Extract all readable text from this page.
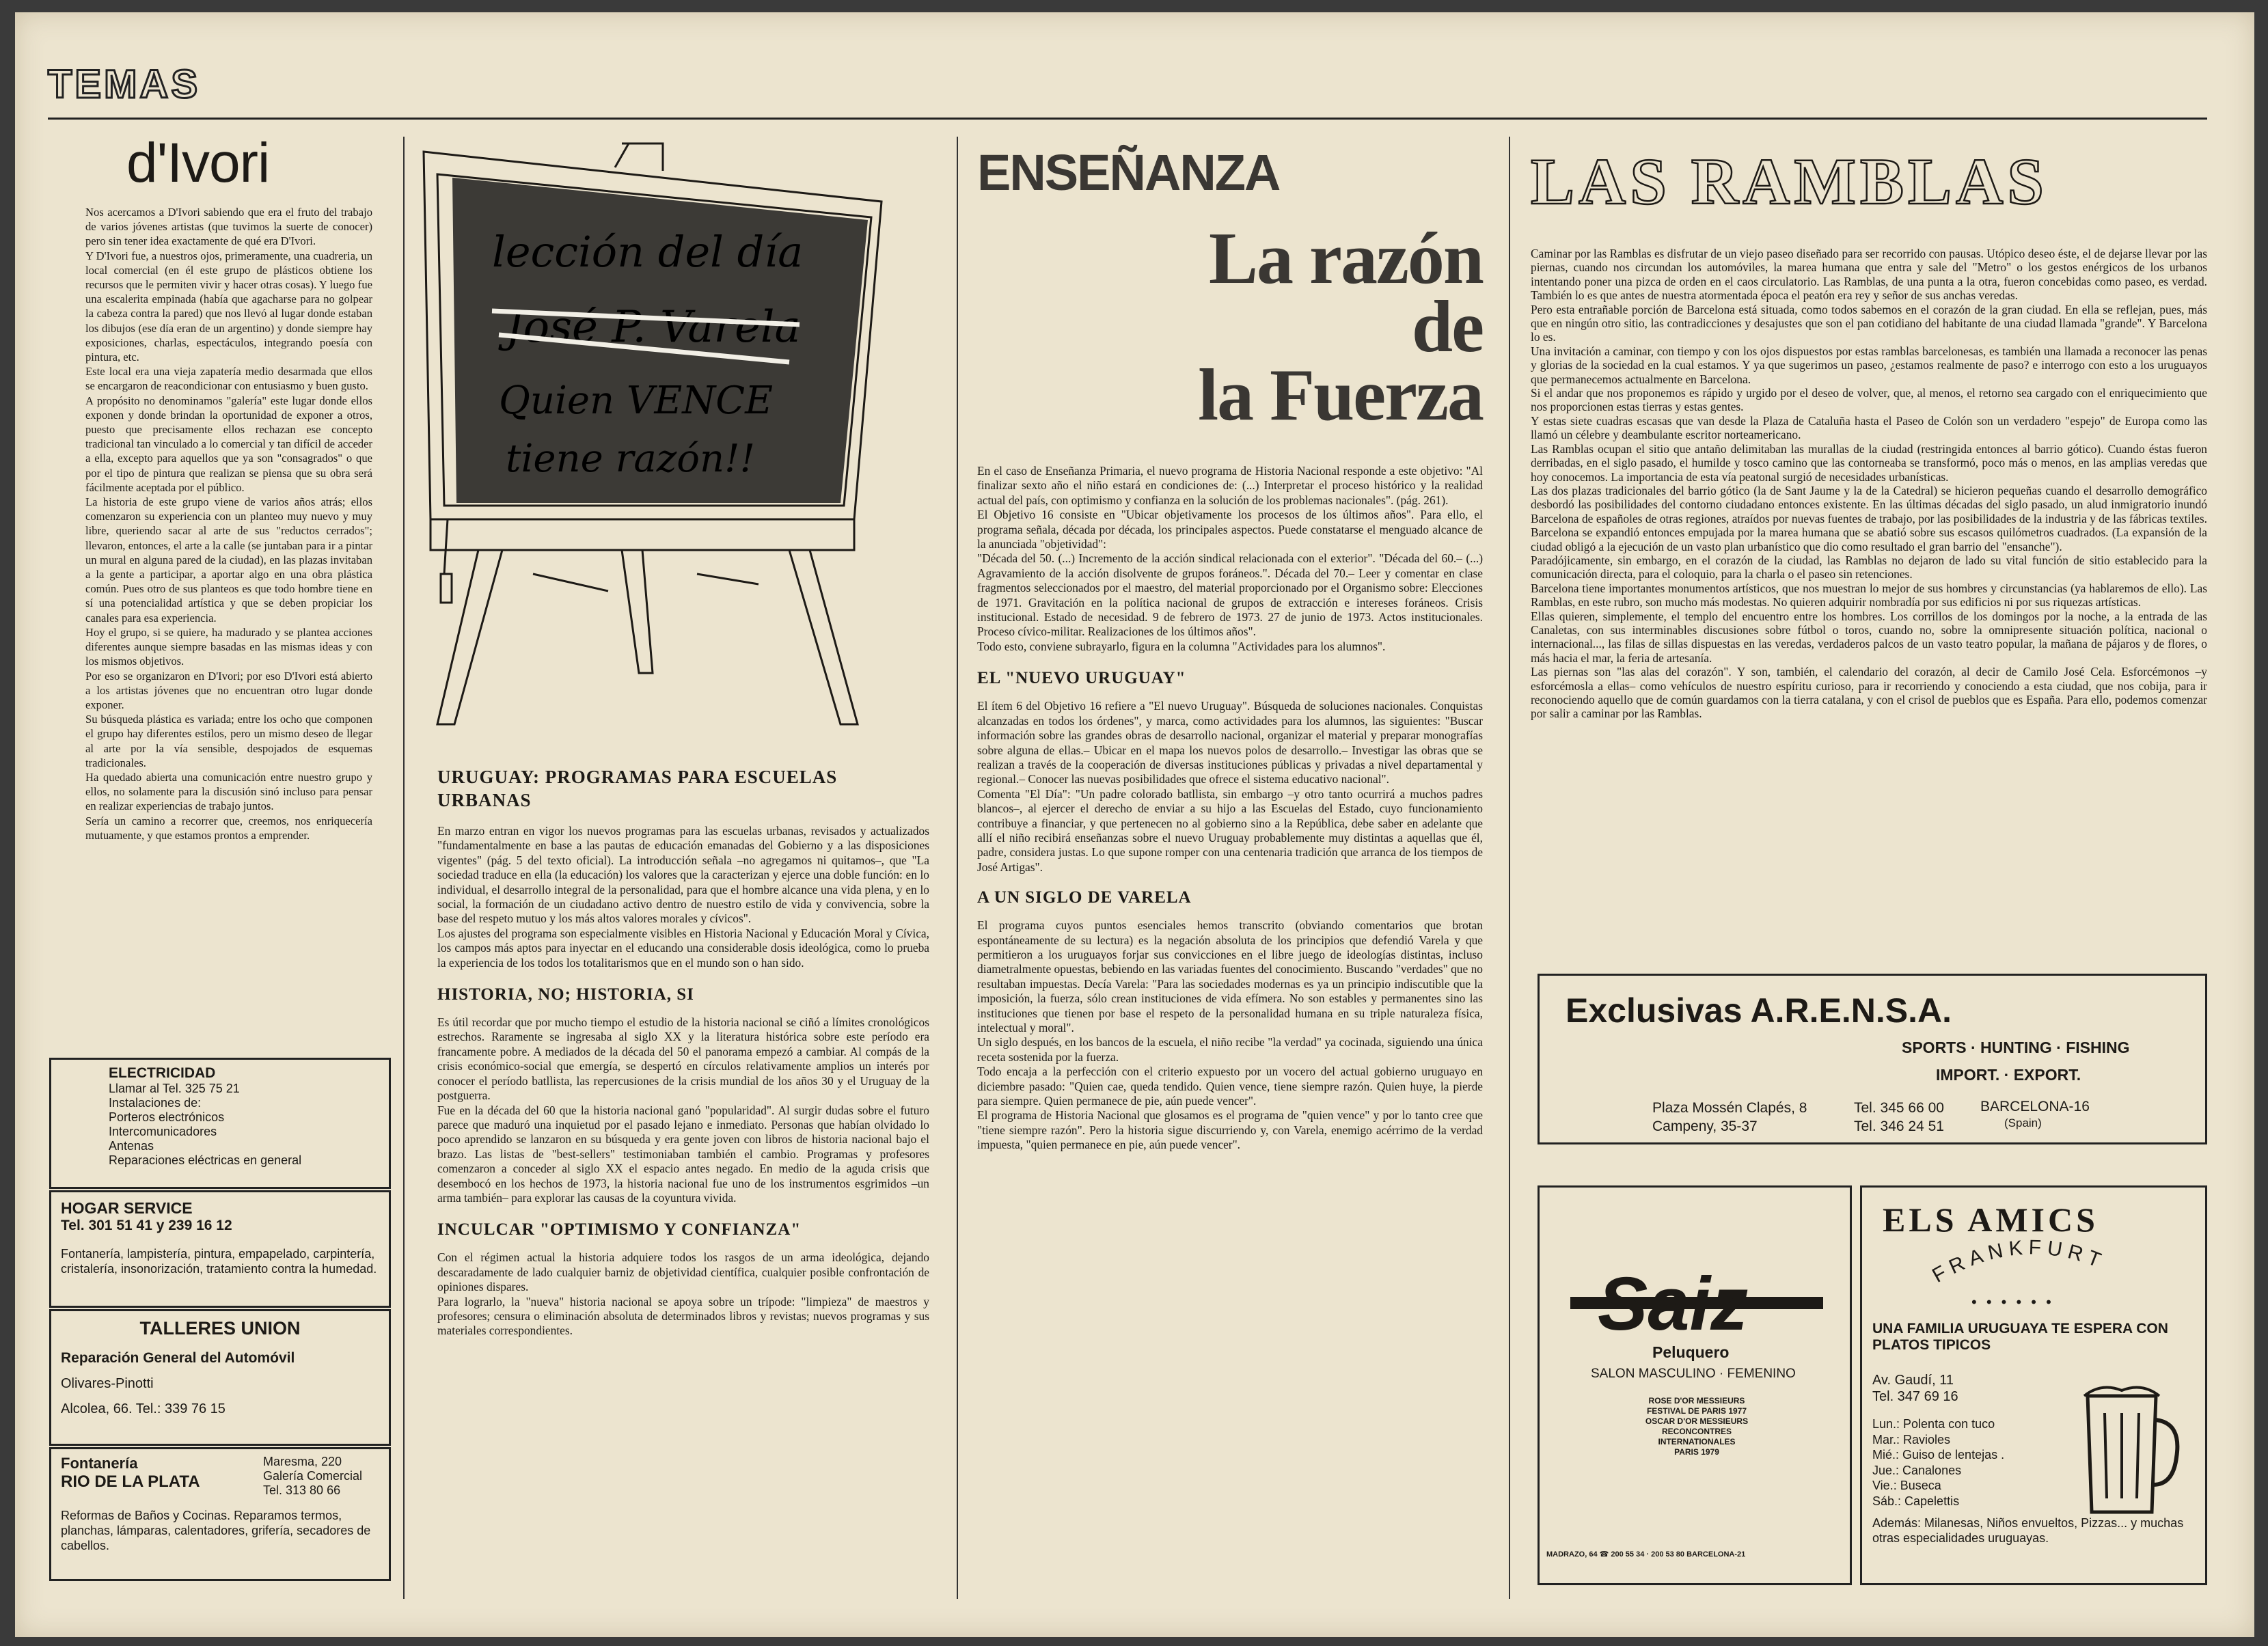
TEMAS
d'Ivori

Nos acercamos a D'Ivori sabiendo que era el fruto del trabajo de varios jóvenes artistas (que tuvimos la suerte de conocer) pero sin tener idea exactamente de qué era D'Ivori.
Y D'Ivori fue, a nuestros ojos, primeramente, una cuadreria, un local comercial (en él este grupo de plásticos obtiene los recursos que le permiten vivir y hacer otras cosas). Y luego fue una escalerita empinada (había que agacharse para no golpear la cabeza contra la pared) que nos llevó al lugar donde estaban los dibujos (ese día eran de un argentino) y donde siempre hay exposiciones, charlas, espectáculos, integrando poesía con pintura, etc.
Este local era una vieja zapatería medio desarmada que ellos se encargaron de reacondicionar con entusiasmo y buen gusto.
A propósito no denominamos "galería" este lugar donde ellos exponen y donde brindan la oportunidad de exponer a otros, puesto que precisamente ellos rechazan ese concepto tradicional tan vinculado a lo comercial y tan difícil de acceder a ella, excepto para aquellos que ya son "consagrados" o que por el tipo de pintura que realizan se piensa que su obra será fácilmente aceptada por el público.
La historia de este grupo viene de varios años atrás; ellos comenzaron su experiencia con un planteo muy nuevo y muy libre, queriendo sacar al arte de sus "reductos cerrados"; llevaron, entonces, el arte a la calle (se juntaban para ir a pintar un mural en alguna pared de la ciudad), en las plazas invitaban a la gente a participar, a aportar algo en una obra plástica común. Pues otro de sus planteos es que todo hombre tiene en sí una potencialidad artística y que se deben propiciar los canales para esa experiencia.
Hoy el grupo, si se quiere, ha madurado y se plantea acciones diferentes aunque siempre basadas en las mismas ideas y con los mismos objetivos.
Por eso se organizaron en D'Ivori; por eso D'Ivori está abierto a los artistas jóvenes que no encuentran otro lugar donde exponer.
Su búsqueda plástica es variada; entre los ocho que componen el grupo hay diferentes estilos, pero un mismo deseo de llegar al arte por la vía sensible, despojados de esquemas tradicionales.
Ha quedado abierta una comunicación entre nuestro grupo y ellos, no solamente para la discusión sinó incluso para pensar en realizar experiencias de trabajo juntos.
Sería un camino a recorrer que, creemos, nos enriquecería mutuamente, y que estamos prontos a emprender.

ELECTRICIDAD

Llamar al Tel. 325 75 21
Instalaciones de:
Porteros electrónicos
Intercomunicadores
Antenas
Reparaciones eléctricas en general

HOGAR SERVICE
Tel. 301 51 41 y 239 16 12

Fontanería, lampistería, pintura, empapelado, carpintería, cristalería, insonorización, tratamiento contra la humedad.

TALLERES UNION
Reparación General del Automóvil
Olivares-Pinotti
Alcolea, 66. Tel.: 339 76 15
Fontanería
RIO DE LA PLATA

Maresma, 220
Galería Comercial
Tel. 313 80 66

Reformas de Baños y Cocinas. Reparamos termos, planchas, lámparas, calentadores, grifería, secadores de cabellos.

lección del día
José P. Varela
Quien VENCE
tiene razón!!
URUGUAY: PROGRAMAS PARA ESCUELAS URBANAS

En marzo entran en vigor los nuevos programas para las escuelas urbanas, revisados y actualizados "fundamentalmente en base a las pautas de educación emanadas del Gobierno y a las disposiciones vigentes" (pág. 5 del texto oficial). La introducción señala –no agregamos ni quitamos–, que "La sociedad traduce en ella (la educación) los valores que la caracterizan y ejerce una doble función: en lo individual, el desarrollo integral de la personalidad, para que el hombre alcance una vida plena, y en lo social, la formación de un ciudadano activo dentro de nuestro estilo de vida y convivencia, sobre la base del respeto mutuo y los más altos valores morales y cívicos".
Los ajustes del programa son especialmente visibles en Historia Nacional y Educación Moral y Cívica, los campos más aptos para inyectar en el educando una considerable dosis ideológica, como lo prueba la experiencia de los todos los totalitarismos que en el mundo son o han sido.

HISTORIA, NO; HISTORIA, SI

Es útil recordar que por mucho tiempo el estudio de la historia nacional se ciñó a límites cronológicos estrechos. Raramente se ingresaba al siglo XX y la literatura histórica sobre este período era francamente pobre. A mediados de la década del 50 el panorama empezó a cambiar. Al compás de la crisis económico-social que emergía, se despertó en círculos relativamente amplios un interés por conocer el período batllista, las repercusiones de la crisis mundial de los años 30 y el Uruguay de la postguerra.
Fue en la década del 60 que la historia nacional ganó "popularidad". Al surgir dudas sobre el futuro parece que maduró una inquietud por el pasado lejano e inmediato. Personas que habían olvidado lo poco aprendido se lanzaron en su búsqueda y era gente joven con libros de historia nacional bajo el brazo. Las listas de "best-sellers" testimoniaban también el cambio. Programas y profesores comenzaron a conceder al siglo XX el espacio antes negado. En medio de la aguda crisis que desembocó en los hechos de 1973, la historia nacional fue uno de los instrumentos esgrimidos –un arma también– para explorar las causas de la coyuntura vivida.

INCULCAR "OPTIMISMO Y CONFIANZA"

Con el régimen actual la historia adquiere todos los rasgos de un arma ideológica, dejando descaradamente de lado cualquier barniz de objetividad científica, cualquier posible confrontación de opiniones dispares.
Para lograrlo, la "nueva" historia nacional se apoya sobre un trípode: "limpieza" de maestros y profesores; censura o eliminación absoluta de determinados libros y revistas; nuevos programas y sus materiales correspondientes.

ENSEÑANZA
La razón
de
la Fuerza

En el caso de Enseñanza Primaria, el nuevo programa de Historia Nacional responde a este objetivo: "Al finalizar sexto año el niño estará en condiciones de: (...) Interpretar el proceso histórico y la realidad actual del país, con optimismo y confianza en la solución de los problemas nacionales". (pág. 261).
El Objetivo 16 consiste en "Ubicar objetivamente los procesos de los últimos años". Para ello, el programa señala, década por década, los principales aspectos. Puede constatarse el menguado alcance de la anunciada "objetividad":
"Década del 50. (...) Incremento de la acción sindical relacionada con el exterior". "Década del 60.– (...) Agravamiento de la acción disolvente de grupos foráneos.". Década del 70.– Leer y comentar en clase fragmentos seleccionados por el maestro, del material proporcionado por el Organismo sobre: Elecciones de 1971. Gravitación en la política nacional de grupos de extracción e intereses foráneos. Crisis institucional. Estado de necesidad. 9 de febrero de 1973. 27 de junio de 1973. Actos institucionales. Proceso cívico-militar. Realizaciones de los últimos años".
Todo esto, conviene subrayarlo, figura en la columna "Actividades para los alumnos".

EL "NUEVO URUGUAY"

El ítem 6 del Objetivo 16 refiere a "El nuevo Uruguay". Búsqueda de soluciones nacionales. Conquistas alcanzadas en todos los órdenes", y marca, como actividades para los alumnos, las siguientes: "Buscar información sobre las grandes obras de desarrollo nacional, organizar el material y preparar monografías sobre alguna de ellas.– Ubicar en el mapa los nuevos polos de desarrollo.– Investigar las obras que se realizan a través de la cooperación de diversas instituciones públicas y privadas a nivel departamental y regional.– Conocer las nuevas posibilidades que ofrece el sistema educativo nacional".
Comenta "El Día": "Un padre colorado batllista, sin embargo –y otro tanto ocurrirá a muchos padres blancos–, al ejercer el derecho de enviar a su hijo a las Escuelas del Estado, cuyo funcionamiento contribuye a financiar, y que pertenecen no al gobierno sino a la República, debe saber en adelante que allí el niño recibirá enseñanzas sobre el nuevo Uruguay probablemente muy distintas a aquellas que él, padre, considera justas. Lo que supone romper con una centenaria tradición que arranca de los tiempos de José Artigas".

A UN SIGLO DE VARELA

El programa cuyos puntos esenciales hemos transcrito (obviando comentarios que brotan espontáneamente de su lectura) es la negación absoluta de los principios que defendió Varela y que permitieron a los uruguayos forjar sus convicciones en el libre juego de ideologías distintas, incluso diametralmente opuestas, bebiendo en las variadas fuentes del conocimiento. Buscando "verdades" que no resultaban impuestas. Decía Varela: "Para las sociedades modernas es ya un principio indiscutible que la imposición, la fuerza, sólo crean instituciones de vida efímera. No son estables y permanentes sino las instituciones que tienen por base el respeto de la personalidad humana en su triple naturaleza física, intelectual y moral".
Un siglo después, en los bancos de la escuela, el niño recibe "la verdad" ya cocinada, siguiendo una única receta sostenida por la fuerza.
Todo encaja a la perfección con el criterio expuesto por un vocero del actual gobierno uruguayo en diciembre pasado: "Quien cae, queda tendido. Quien vence, tiene siempre razón. Quien huye, la pierde para siempre. Quien permanece de pie, aún puede vencer".
El programa de Historia Nacional que glosamos es el programa de "quien vence" y por lo tanto cree que "tiene siempre razón". Pero la historia sigue discurriendo y, con Varela, enemigo acérrimo de la verdad impuesta, "quien permanece en pie, aún puede vencer".

LAS RAMBLAS

Caminar por las Ramblas es disfrutar de un viejo paseo diseñado para ser recorrido con pausas. Utópico deseo éste, el de dejarse llevar por las piernas, cuando nos circundan los automóviles, la marea humana que entra y sale del "Metro" o los gestos enérgicos de los urbanos intentando poner una pizca de orden en el caos circulatorio. Las Ramblas, de una punta a la otra, fueron concebidas como paseo, es verdad. También lo es que antes de nuestra atormentada época el peatón era rey y señor de sus anchas veredas.
Pero esta entrañable porción de Barcelona está situada, como todos sabemos en el corazón de la gran ciudad. En ella se reflejan, pues, más que en ningún otro sitio, las contradicciones y desajustes que son el pan cotidiano del habitante de una ciudad llamada "grande". Y Barcelona lo es.
Una invitación a caminar, con tiempo y con los ojos dispuestos por estas ramblas barcelonesas, es también una llamada a reconocer las penas y glorias de la sociedad en la cual estamos. Y ya que sugerimos un paseo, ¿estamos realmente de paso? e interrogo con esto a los uruguayos que permanecemos actualmente en Barcelona.
Si el andar que nos proponemos es rápido y urgido por el deseo de volver, que, al menos, el retorno sea cargado con el enriquecimiento que nos proporcionen estas tierras y estas gentes.
Y estas siete cuadras escasas que van desde la Plaza de Cataluña hasta el Paseo de Colón son un verdadero "espejo" de Europa como las llamó un célebre y deambulante escritor norteamericano.
Las Ramblas ocupan el sitio que antaño delimitaban las murallas de la ciudad (restringida entonces al barrio gótico). Cuando éstas fueron derribadas, en el siglo pasado, el humilde y tosco camino que las contorneaba se transformó, poco más o menos, en las amplias veredas que hoy conocemos. La importancia de esta vía peatonal surgió de necesidades urbanísticas.
Las dos plazas tradicionales del barrio gótico (la de Sant Jaume y la de la Catedral) se hicieron pequeñas cuando el desarrollo demográfico desbordó las posibilidades del contorno ciudadano entonces existente. En las últimas décadas del siglo pasado, un alud inmigratorio inundó Barcelona de españoles de otras regiones, atraídos por nuevas fuentes de trabajo, por las posibilidades de la industria y de las fábricas textiles. Barcelona se expandió entonces empujada por la marea humana que se abatió sobre sus escasos quilómetros cuadrados. (La expansión de la ciudad obligó a la ejecución de un vasto plan urbanístico que dio como resultado el gran barrio del "ensanche").
Paradójicamente, sin embargo, en el corazón de la ciudad, las Ramblas no dejaron de lado su vital función de sitio establecido para la comunicación directa, para el coloquio, para la charla o el paseo sin retenciones.
Barcelona tiene importantes monumentos artísticos, que nos muestran lo mejor de sus hombres y circunstancias (ya hablaremos de ello). Las Ramblas, en este rubro, son mucho más modestas. No quieren adquirir nombradía por sus edificios ni por sus riquezas artísticas.
Ellas quieren, simplemente, el templo del encuentro entre los hombres. Los corrillos de los domingos por la noche, a la entrada de las Canaletas, con sus interminables discusiones sobre fútbol o toros, cuando no, sobre la omnipresente situación política, nacional o internacional..., las filas de sillas dispuestas en las veredas, verdaderos palcos de un vasto teatro popular, la mañana de pájaros y de flores, o más hacia el mar, la feria de artesanía.
Las piernas son "las alas del corazón". Y son, también, el calendario del corazón, al decir de Camilo José Cela. Esforcémonos –y esforcémosla a ellas– como vehículos de nuestro espíritu curioso, para ir recorriendo y conociendo a esta ciudad, que nos cobija, para ir reconociendo aquello que de común guardamos con la tierra catalana, y con el crisol de pueblos que es España. Para ello, podemos comenzar por salir a caminar por las Ramblas.

Exclusivas A.R.E.N.S.A.
SPORTS · HUNTING · FISHING
IMPORT. · EXPORT.

Plaza Mossén Clapés, 8
Campeny, 35-37

Tel. 345 66 00
Tel. 346 24 51

BARCELONA-16
(Spain)
Saiz
Peluquero
SALON MASCULINO · FEMENINO

ROSE D'OR MESSIEURS
FESTIVAL DE PARIS 1977
OSCAR D'OR MESSIEURS
RECONCONTRES INTERNATIONALES
PARIS 1979

MADRAZO, 64 ☎ 200 55 34 · 200 53 80 BARCELONA-21
ELS AMICS
FRANKFURT
• • • • • •

UNA FAMILIA URUGUAYA TE ESPERA CON PLATOS TIPICOS

Av. Gaudí, 11
Tel. 347 69 16

Lun.: Polenta con tuco
Mar.: Ravioles
Mié.: Guiso de lentejas .
Jue.: Canalones
Vie.: Buseca
Sáb.: Capelettis

Además: Milanesas, Niños envueltos, Pizzas... y muchas otras especialidades uruguayas.
